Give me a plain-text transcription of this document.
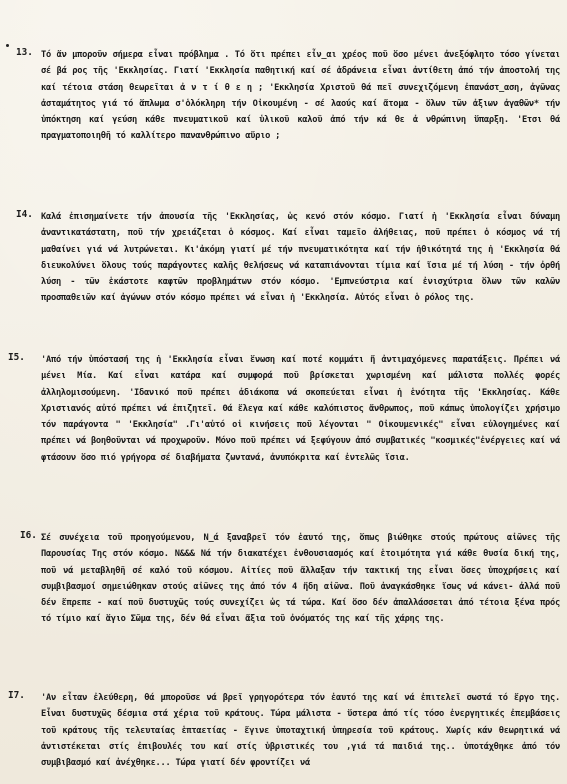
13. Τό ἄν μποροῦν σήμερα εἶναι πρόβλημα . Τό ὅτι πρέπει εἶν_αι χρέος ποῦ ὅσο μένει ἀνεξόφλητο τόσο γίνεται σέ βά ρος τῆς 'Εκκλησίας. Γιατί 'Εκκλησία παθητική καί σέ ἀδράνεια εἶναι ἀντίθετη ἀπό τήν ἀποστολή της καί τέτοια στάση θεωρεῖται ἀ ν τ ί θ ε η ; 'Εκκλησία Χριστοῦ θά πεῖ συνεχιζόμενη ἐπανάστ_αση, ἀγῶνας ἀσταμάτητος γιά τό ἅπλωμα σ'ὁλόκληρη τήν Οἰκουμένη - σέ λαούς καί ἄτομα - ὅλων τῶν ἀξιων ἀγαθῶν* τήν ὑπόκτηση καί γεύση κάθε πνευματικοῦ καί ὑλικοῦ καλοῦ ἀπό τήν κά θε ἀ νθρώπινη ὕπαρξη. 'Ετσι θά πραγματοποιηθῆ τό καλλίτερο πανανθρώπινο αὔριο ;

I4. Καλά ἐπισημαίνετε τήν ἀπουσία τῆς 'Εκκλησίας, ὡς κενό στόν κόσμο. Γιατί ἡ 'Εκκλησία εἶναι δύναμη ἀναντικατάστατη, ποῦ τήν χρειάζεται ὁ κόσμος. Καί εἶναι ταμεῖο ἀλήθειας, ποῦ πρέπει ὁ κόσμος νά τή μαθαίνει γιά νά λυτρώνεται. Κι'ἀκόμη γιατί μέ τήν πνευματικότητα καί τήν ἠθικότητά της ἡ 'Εκκλησία θά διευκολύνει ὅλους τούς παράγοντες καλῆς θελήσεως νά καταπιάνονται τίμια καί ἴσια μέ τή λύση - τήν ὀρθή λύση - τῶν ἑκάστοτε καφτῶν προβλημάτων στόν κόσμο. 'Εμπνεύστρια καί ἐνισχύτρια ὅλων τῶν καλῶν προσπαθειῶν καί ἀγώνων στόν κόσμο πρέπει νά εἶναι ἡ 'Εκκλησία. Αὐτός εἶναι ὁ ρόλος της.

I5.	'Από τήν ὑπόστασή της ἡ 'Εκκλησία εἶναι ἕνωση καί ποτέ κομμάτι ἤ ἀντιμαχόμενες παρατάξεις. Πρέπει νά μένει Μία. Καί εἶναι κατάρα καί συμφορά ποῦ βρίσκεται χωρισμένη καί μάλιστα πολλές φορές ἀλληλομισούμενη. 'Ιδανικό ποῦ πρέπει ἀδιάκοπα νά σκοπεύεται εἶναι ἡ ἑνότητα τῆς 'Εκκλησίας. Κάθε Χριστιανός αὐτό πρέπει νά ἐπιζητεῖ. Θά ἔλεγα καί κάθε καλόπιστος ἄνθρωπος, ποῦ κάπως ὑπολογίζει χρήσιμο τόν παράγοντα " 'Εκκλησία" .Γι'αὐτό οἱ κινήσεις ποῦ λέγονται " Οἰκουμενικές" εἶναι εὐλογημένες καί πρέπει νά βοηθοῦνται νά προχωροῦν. Μόνο ποῦ πρέπει νά ξεφύγουν ἀπό συμβατικές "κοσμικές"ἐνέργειες καί νά φτάσουν ὅσο πιό γρήγορα σέ διαβήματα ζωντανά, ἀνυπόκριτα καί ἐντελῶς ἴσια.

I6. Σέ συνέχεια τοῦ προηγούμενου, Ν_ά ξαναβρεῖ τόν ἑαυτό της, ὅπως βιώθηκε στούς πρώτους αἰῶνες τῆς Παρουσίας Της στόν κόσμο. Ν&&& Νά τήν διακατέχει ἐνθουσιασμός καί ἑτοιμότητα γιά κάθε θυσία δική της, ποῦ νά μεταβληθῆ σέ καλό τοῦ κόσμου. Αἰτίες ποῦ ἄλλαξαν τήν τακτική της εἶναι ὅσες ὑποχρήσεις καί συμβιβασμοί σημειώθηκαν στούς αἰῶνες της ἀπό τόν 4 ἤδη αἰῶνα. Ποῦ ἀναγκάσθηκε ἴσως νά κάνει- ἀλλά ποῦ δέν ἔπρεπε - καί ποῦ δυστυχῶς τούς συνεχίζει ὡς τά τώρα. Καί ὅσο δέν ἀπαλλάσσεται ἀπό τέτοια ξένα πρός τό τίμιο καί ἅγιο Σῶμα της, δέν θά εἶναι ἄξια τοῦ ὀνόματός της καί τῆς χάρης της.

I7.	'Αν εἶταν ἐλεύθερη, θά μποροῦσε νά βρεῖ γρηγορότερα τόν ἑαυτό της καί νά ἐπιτελεῖ σωστά τό ἔργο της. Εἶναι δυστυχῶς δέσμια στά χέρια τοῦ κράτους. Τώρα μάλιστα - ὕστερα ἀπό τίς τόσο ἐνεργητικές ἐπεμβάσεις τοῦ κράτους τῆς τελευταίας ἑπταετίας - ἔγινε ὑποταχτική ὑπηρεσία τοῦ κράτους. Χωρίς κάν θεωρητικά νά ἀντιστέκεται στίς ἐπιβουλές του καί στίς ὑβριστικές του ,γιά τά παιδιά της.. ὑποτάχθηκε ἀπό τόν συμβιβασμό καί ἀνέχθηκε... Τώρα γιατί δέν φροντίζει νά
